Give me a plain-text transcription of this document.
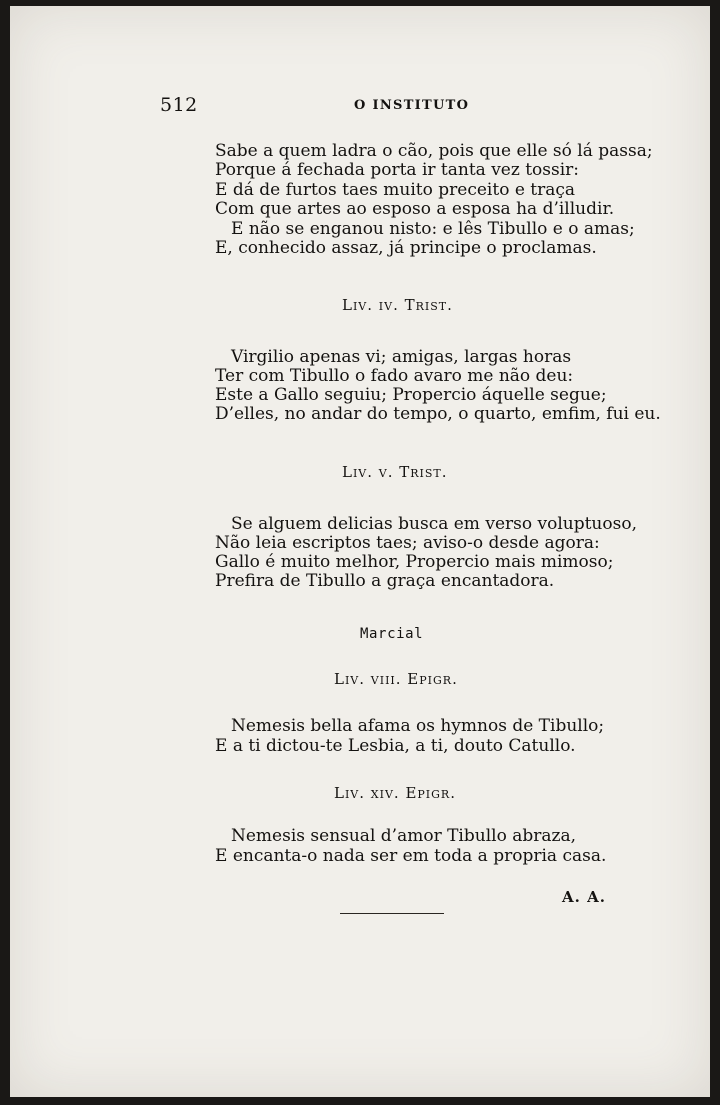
512	O INSTITUTO
Sabe a quem ladra o cão, pois que elle só lá passa;
Porque á fechada porta ir tanta vez tossir:
E dá de furtos taes muito preceito e traça
Com que artes ao esposo a esposa ha d’illudir.
E não se enganou nisto: e lês Tibullo e o amas;
E, conhecido assaz, já principe o proclamas.
Liv. iv. Trist.
Virgilio apenas vi; amigas, largas horas
Ter com Tibullo o fado avaro me não deu:
Este a Gallo seguiu; Propercio áquelle segue;
D’elles, no andar do tempo, o quarto, emfim, fui eu.
Liv. v. Trist.
Se alguem delicias busca em verso voluptuoso,
Não leia escriptos taes; aviso-o desde agora:
Gallo é muito melhor, Propercio mais mimoso;
Prefira de Tibullo a graça encantadora.
Marcial
Liv. viii. Epigr.
Nemesis bella afama os hymnos de Tibullo;
E a ti dictou-te Lesbia, a ti, douto Catullo.
Liv. xiv. Epigr.
Nemesis sensual d’amor Tibullo abraza,
E encanta-o nada ser em toda a propria casa.
A. A.
